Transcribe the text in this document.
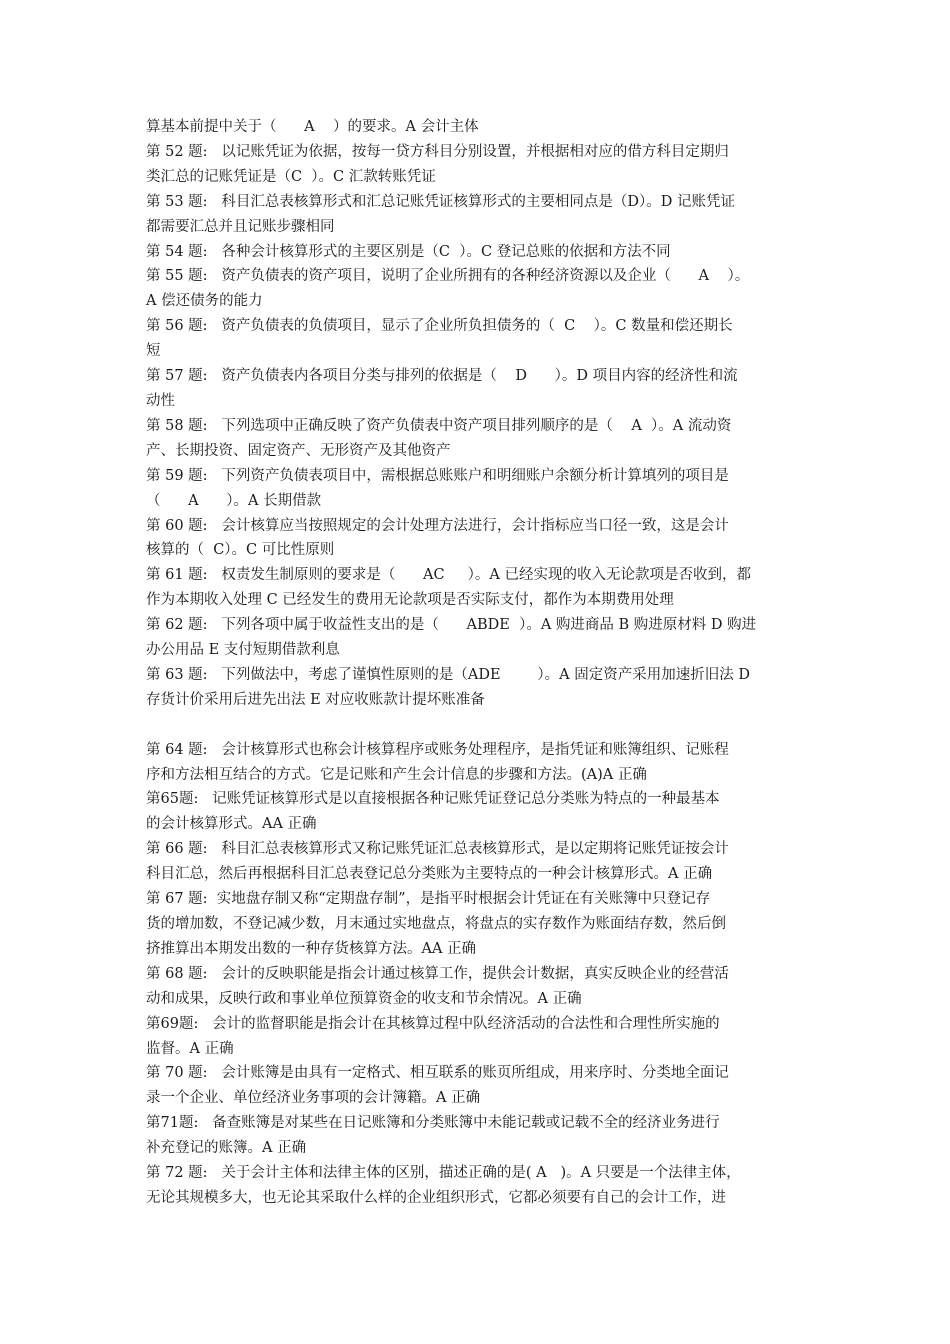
算基本前提中关于（      A    ）的要求。A 会计主体
第 52 题:   以记账凭证为依据，按每一贷方科目分别设置，并根据相对应的借方科目定期归
类汇总的记账凭证是（C  ）。C 汇款转账凭证
第 53 题:   科目汇总表核算形式和汇总记账凭证核算形式的主要相同点是（D）。D 记账凭证
都需要汇总并且记账步骤相同
第 54 题:   各种会计核算形式的主要区别是（C  ）。C 登记总账的依据和方法不同
第 55 题:   资产负债表的资产项目，说明了企业所拥有的各种经济资源以及企业（      A    ）。
A 偿还债务的能力
第 56 题:   资产负债表的负债项目，显示了企业所负担债务的（  C    ）。C 数量和偿还期长
短
第 57 题:   资产负债表内各项目分类与排列的依据是（    D      ）。D 项目内容的经济性和流
动性
第 58 题:   下列选项中正确反映了资产负债表中资产项目排列顺序的是（    A  ）。A 流动资
产、长期投资、固定资产、无形资产及其他资产
第 59 题:   下列资产负债表项目中，需根据总账账户和明细账户余额分析计算填列的项目是
（      A      ）。A 长期借款
第 60 题:   会计核算应当按照规定的会计处理方法进行，会计指标应当口径一致，这是会计
核算的（  C）。C 可比性原则
第 61 题:   权责发生制原则的要求是（      AC     ）。A 已经实现的收入无论款项是否收到，都
作为本期收入处理 C 已经发生的费用无论款项是否实际支付，都作为本期费用处理
第 62 题:   下列各项中属于收益性支出的是（      ABDE  ）。A 购进商品 B 购进原材料 D 购进
办公用品 E 支付短期借款利息
第 63 题:   下列做法中，考虑了谨慎性原则的是（ADE        ）。A 固定资产采用加速折旧法 D
存货计价采用后进先出法 E 对应收账款计提坏账准备
第 64 题:   会计核算形式也称会计核算程序或账务处理程序，是指凭证和账簿组织、记账程
序和方法相互结合的方式。它是记账和产生会计信息的步骤和方法。(A)A 正确
第65题:   记账凭证核算形式是以直接根据各种记账凭证登记总分类账为特点的一种最基本
的会计核算形式。AA 正确
第 66 题:   科目汇总表核算形式又称记账凭证汇总表核算形式，是以定期将记账凭证按会计
科目汇总，然后再根据科目汇总表登记总分类账为主要特点的一种会计核算形式。A 正确
第 67 题:  实地盘存制又称“定期盘存制”，是指平时根据会计凭证在有关账簿中只登记存
货的增加数，不登记减少数，月末通过实地盘点，将盘点的实存数作为账面结存数，然后倒
挤推算出本期发出数的一种存货核算方法。AA 正确
第 68 题:   会计的反映职能是指会计通过核算工作，提供会计数据，真实反映企业的经营活
动和成果，反映行政和事业单位预算资金的收支和节余情况。A 正确
第69题:   会计的监督职能是指会计在其核算过程中队经济活动的合法性和合理性所实施的
监督。A 正确
第 70 题:   会计账簿是由具有一定格式、相互联系的账页所组成，用来序时、分类地全面记
录一个企业、单位经济业务事项的会计簿籍。A 正确
第71题:   备查账簿是对某些在日记账簿和分类账簿中未能记载或记载不全的经济业务进行
补充登记的账簿。A 正确
第 72 题:   关于会计主体和法律主体的区别，描述正确的是( A   )。A 只要是一个法律主体，
无论其规模多大，也无论其采取什么样的企业组织形式，它都必须要有自己的会计工作，进
